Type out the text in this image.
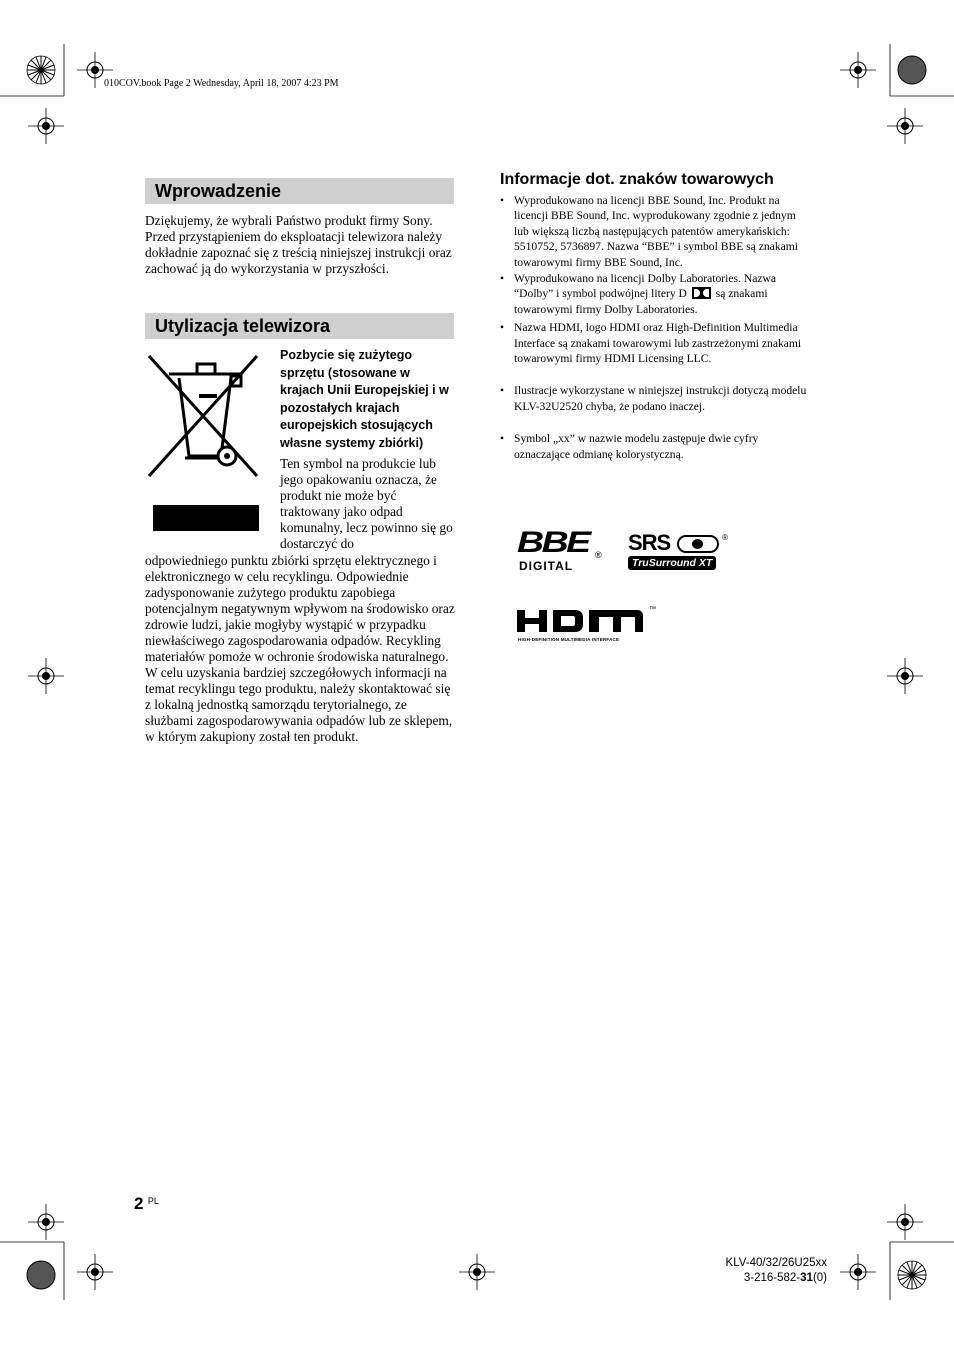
010COV.book Page 2 Wednesday, April 18, 2007 4:23 PM
Wprowadzenie
Dziękujemy, że wybrali Państwo produkt firmy Sony. Przed przystąpieniem do eksploatacji telewizora należy dokładnie zapoznać się z treścią niniejszej instrukcji oraz zachować ją do wykorzystania w przyszłości.
Utylizacja telewizora
Pozbycie się zużytego sprzętu (stosowane w krajach Unii Europejskiej i w pozostałych krajach europejskich stosujących własne systemy zbiórki)
Ten symbol na produkcie lub jego opakowaniu oznacza, że produkt nie może być traktowany jako odpad komunalny, lecz powinno się go dostarczyć do
odpowiedniego punktu zbiórki sprzętu elektrycznego i elektronicznego w celu recyklingu. Odpowiednie zadysponowanie zużytego produktu zapobiega potencjalnym negatywnym wpływom na środowisko oraz zdrowie ludzi, jakie mogłyby wystąpić w przypadku niewłaściwego zagospodarowania odpadów. Recykling materiałów pomoże w ochronie środowiska naturalnego. W celu uzyskania bardziej szczegółowych informacji na temat recyklingu tego produktu, należy skontaktować się z lokalną jednostką samorządu terytorialnego, ze służbami zagospodarowywania odpadów lub ze sklepem, w którym zakupiony został ten produkt.
Informacje dot. znaków towarowych
• Wyprodukowano na licencji BBE Sound, Inc. Produkt na licencji BBE Sound, Inc. wyprodukowany zgodnie z jednym lub większą liczbą następujących patentów amerykańskich: 5510752, 5736897. Nazwa “BBE” i symbol BBE są znakami towarowymi firmy BBE Sound, Inc.
• Wyprodukowano na licencji Dolby Laboratories. Nazwa “Dolby” i symbol podwójnej litery D są znakami towarowymi firmy Dolby Laboratories.
• Nazwa HDMI, logo HDMI oraz High-Definition Multimedia Interface są znakami towarowymi lub zastrzeżonymi znakami towarowymi firmy HDMI Licensing LLC.
• Ilustracje wykorzystane w niniejszej instrukcji dotyczą modelu KLV-32U2520 chyba, że podano inaczej.
• Symbol „xx” w nazwie modelu zastępuje dwie cyfry oznaczające odmianę kolorystyczną.
BBE ®
DIGITAL
SRS	®
TruSurround XT
™
HIGH-DEFINITION MULTIMEDIA INTERFACE
2 $^{PL}$
KLV-40/32/26U25xx
3-216-582-31(0)
